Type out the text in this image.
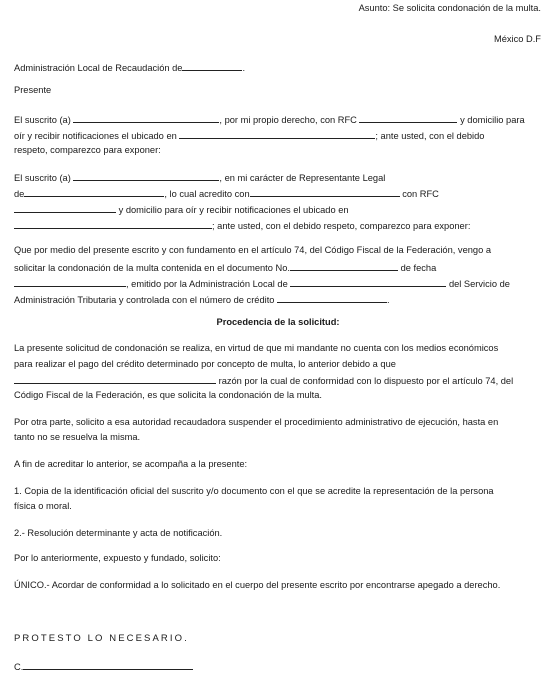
Asunto: Se solicita condonación de la multa.
México D.F
Administración Local de Recaudación de	.
Presente
El suscrito (a)	, por mi propio derecho, con RFC	y domicilio para
oír y recibir notificaciones el ubicado en	; ante usted, con el debido
respeto, comparezco para exponer:
El suscrito (a)	, en mi carácter de Representante Legal
de	, lo cual acredito con	con RFC
y domicilio para oír y recibir notificaciones el ubicado en
; ante usted, con el debido respeto, comparezco para exponer:
Que por medio del presente escrito y con fundamento en el artículo 74, del Código Fiscal de la Federación, vengo a
solicitar la condonación de la multa contenida en el documento No.	de fecha
, emitido por la Administración Local de	del Servicio de
Administración Tributaria y controlada con el número de crédito	.
Procedencia de la solicitud:
La presente solicitud de condonación se realiza, en virtud de que mi mandante no cuenta con los medios económicos
para realizar el pago del crédito determinado por concepto de multa, lo anterior debido a que
razón por la cual de conformidad con lo dispuesto por el artículo 74, del
Código Fiscal de la Federación, es que solicita la condonación de la multa.
Por otra parte, solicito a esa autoridad recaudadora suspender el procedimiento administrativo de ejecución, hasta en
tanto no se resuelva la misma.
A fin de acreditar lo anterior, se acompaña a la presente:
1. Copia de la identificación oficial del suscrito y/o documento con el que se acredite la representación de la persona
física o moral.
2.- Resolución determinante y acta de notificación.
Por lo anteriormente, expuesto y fundado, solicito:
ÚNICO.- Acordar de conformidad a lo solicitado en el cuerpo del presente escrito por encontrarse apegado a derecho.
PROTESTO LO NECESARIO.
C.
